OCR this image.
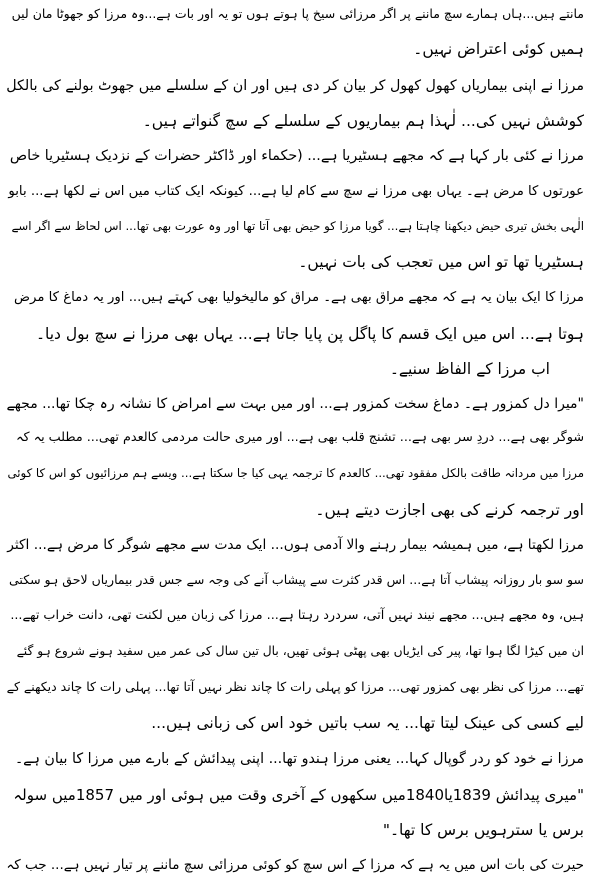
مانتے ہیں...ہاں ہمارے سچ ماننے پر اگر مرزائی سیخ پا ہوتے ہوں تو یہ اور بات ہے...وہ مرزا کو جھوٹا مان لیں
ہمیں کوئی اعتراض نہیں۔
مرزا نے اپنی بیماریاں کھول کھول کر بیان کر دی ہیں اور ان کے سلسلے میں جھوٹ بولنے کی بالکل
کوشش نہیں کی... لٰہذا ہم بیماریوں کے سلسلے کے سچ گنواتے ہیں۔
مرزا نے کئی بار کہا ہے کہ مجھے ہسٹیریا ہے... (حکماء اور ڈاکٹر حضرات کے نزدیک ہسٹیریا خاص
عورتوں کا مرض ہے۔ یہاں بھی مرزا نے سچ سے کام لیا ہے... کیونکہ ایک کتاب میں اس نے لکھا ہے... بابو
الٰہی بخش تیری حیض دیکھنا چاہتا ہے... گویا مرزا کو حیض بھی آتا تھا اور وہ عورت بھی تھا... اس لحاظ سے اگر اسے
ہسٹیریا تھا تو اس میں تعجب کی بات نہیں۔
مرزا کا ایک بیان یہ ہے کہ مجھے مراق بھی ہے۔ مراق کو مالیخولیا بھی کہتے ہیں... اور یہ دماغ کا مرض
ہوتا ہے... اس میں ایک قسم کا پاگل پن پایا جاتا ہے... یہاں بھی مرزا نے سچ بول دیا۔
اب مرزا کے الفاظ سنیے۔
"میرا دل کمزور ہے۔ دماغ سخت کمزور ہے... اور میں بہت سے امراض کا نشانہ رہ چکا تھا... مجھے
شوگر بھی ہے... دردِ سر بھی ہے... تشنج قلب بھی ہے... اور میری حالت مردمی کالعدم تھی... مطلب یہ کہ
مرزا میں مردانہ طاقت بالکل مفقود تھی... کالعدم کا ترجمہ یہی کیا جا سکتا ہے... ویسے ہم مرزائیوں کو اس کا کوئی
اور ترجمہ کرنے کی بھی اجازت دیتے ہیں۔
مرزا لکھتا ہے، میں ہمیشہ بیمار رہنے والا آدمی ہوں... ایک مدت سے مجھے شوگر کا مرض ہے... اکثر
سو سو بار روزانہ پیشاب آتا ہے... اس قدر کثرت سے پیشاب آنے کی وجہ سے جس قدر بیماریاں لاحق ہو سکتی
ہیں، وہ مجھے ہیں... مجھے نیند نہیں آتی، سردرد رہتا ہے... مرزا کی زبان میں لکنت تھی، دانت خراب تھے...
ان میں کیڑا لگا ہوا تھا، پیر کی ایڑیاں بھی پھٹی ہوئی تھیں، بال تین سال کی عمر میں سفید ہونے شروع ہو گئے
تھے... مرزا کی نظر بھی کمزور تھی... مرزا کو پہلی رات کا چاند نظر نہیں آتا تھا... پہلی رات کا چاند دیکھنے کے
لیے کسی کی عینک لیتا تھا... یہ سب باتیں خود اس کی زبانی ہیں...
مرزا نے خود کو ردر گوپال کہا... یعنی مرزا ہندو تھا... اپنی پیدائش کے بارے میں مرزا کا بیان ہے۔
"میری پیدائش 1839یا1840میں سکھوں کے آخری وقت میں ہوئی اور میں 1857میں سولہ
برس یا سترہویں برس کا تھا۔"
حیرت کی بات اس میں یہ ہے کہ مرزا کے اس سچ کو کوئی مرزائی سچ ماننے پر تیار نہیں ہے... جب کہ
